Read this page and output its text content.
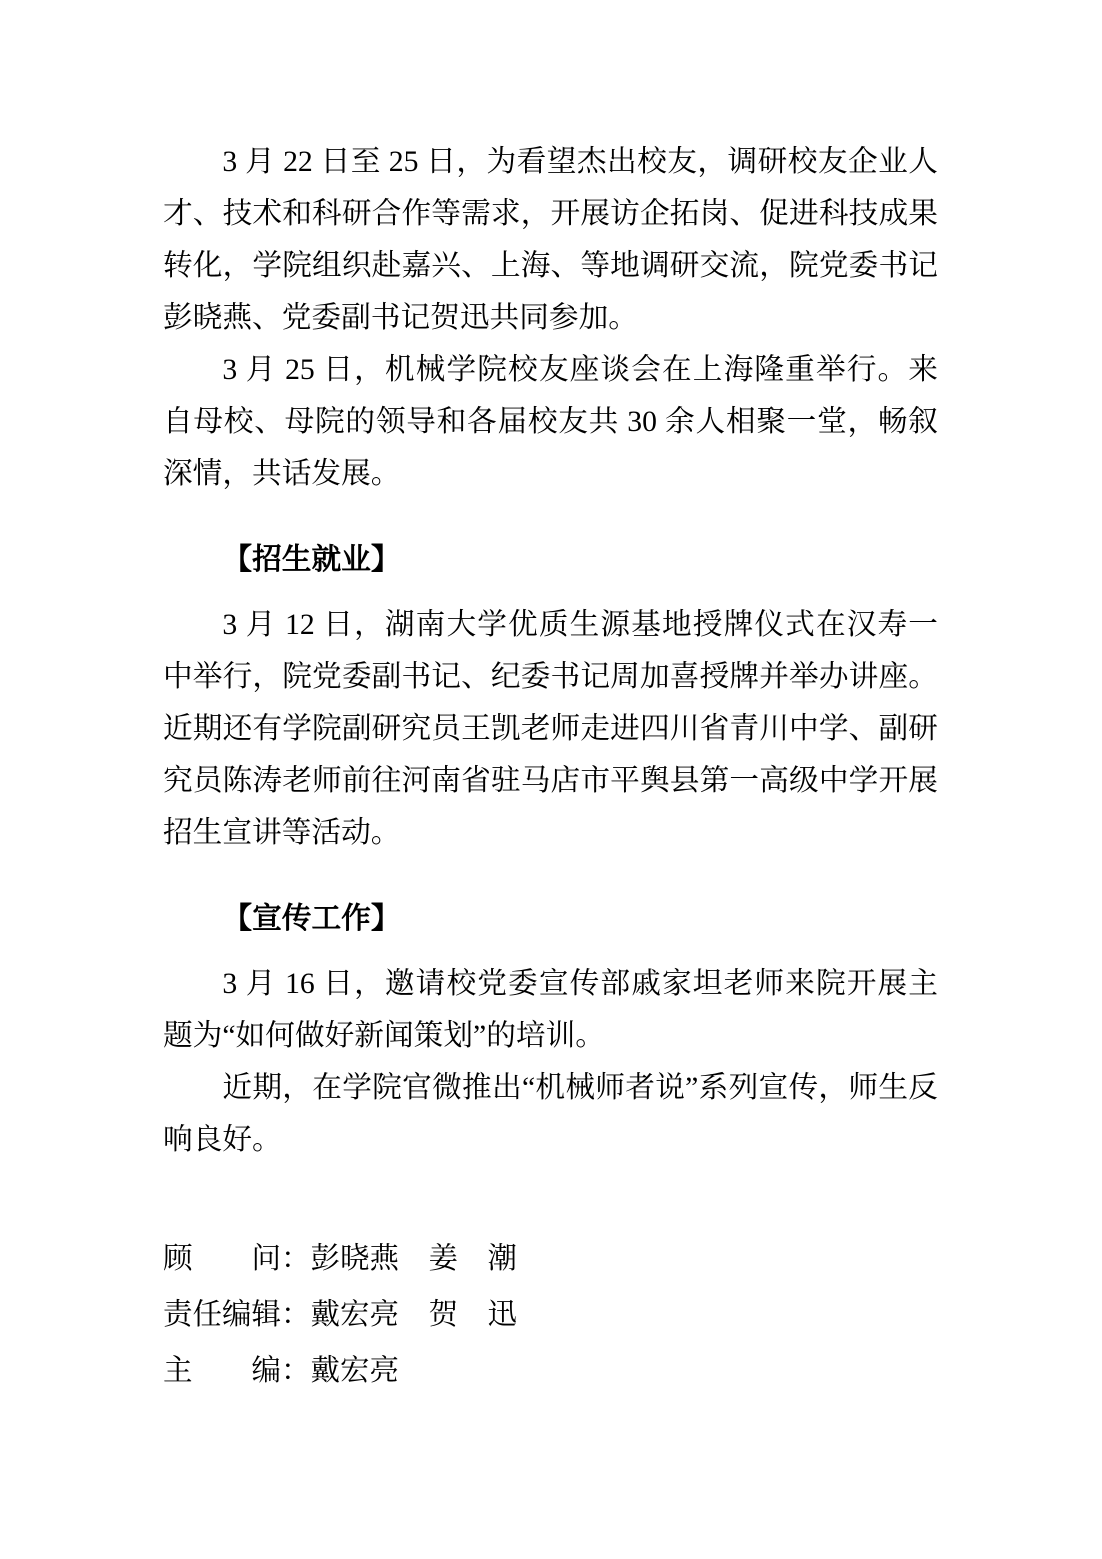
3 月 22 日至 25 日，为看望杰出校友，调研校友企业人才、技术和科研合作等需求，开展访企拓岗、促进科技成果转化，学院组织赴嘉兴、上海、等地调研交流，院党委书记彭晓燕、党委副书记贺迅共同参加。

3 月 25 日，机械学院校友座谈会在上海隆重举行。来自母校、母院的领导和各届校友共 30 余人相聚一堂，畅叙深情，共话发展。

【招生就业】

3 月 12 日，湖南大学优质生源基地授牌仪式在汉寿一中举行，院党委副书记、纪委书记周加喜授牌并举办讲座。近期还有学院副研究员王凯老师走进四川省青川中学、副研究员陈涛老师前往河南省驻马店市平舆县第一高级中学开展招生宣讲等活动。

【宣传工作】

3 月 16 日，邀请校党委宣传部戚家坦老师来院开展主题为“如何做好新闻策划”的培训。

近期，在学院官微推出“机械师者说”系列宣传，师生反响良好。

顾　　问：彭晓燕　姜　潮

责任编辑：戴宏亮　贺　迅

主　　编：戴宏亮
